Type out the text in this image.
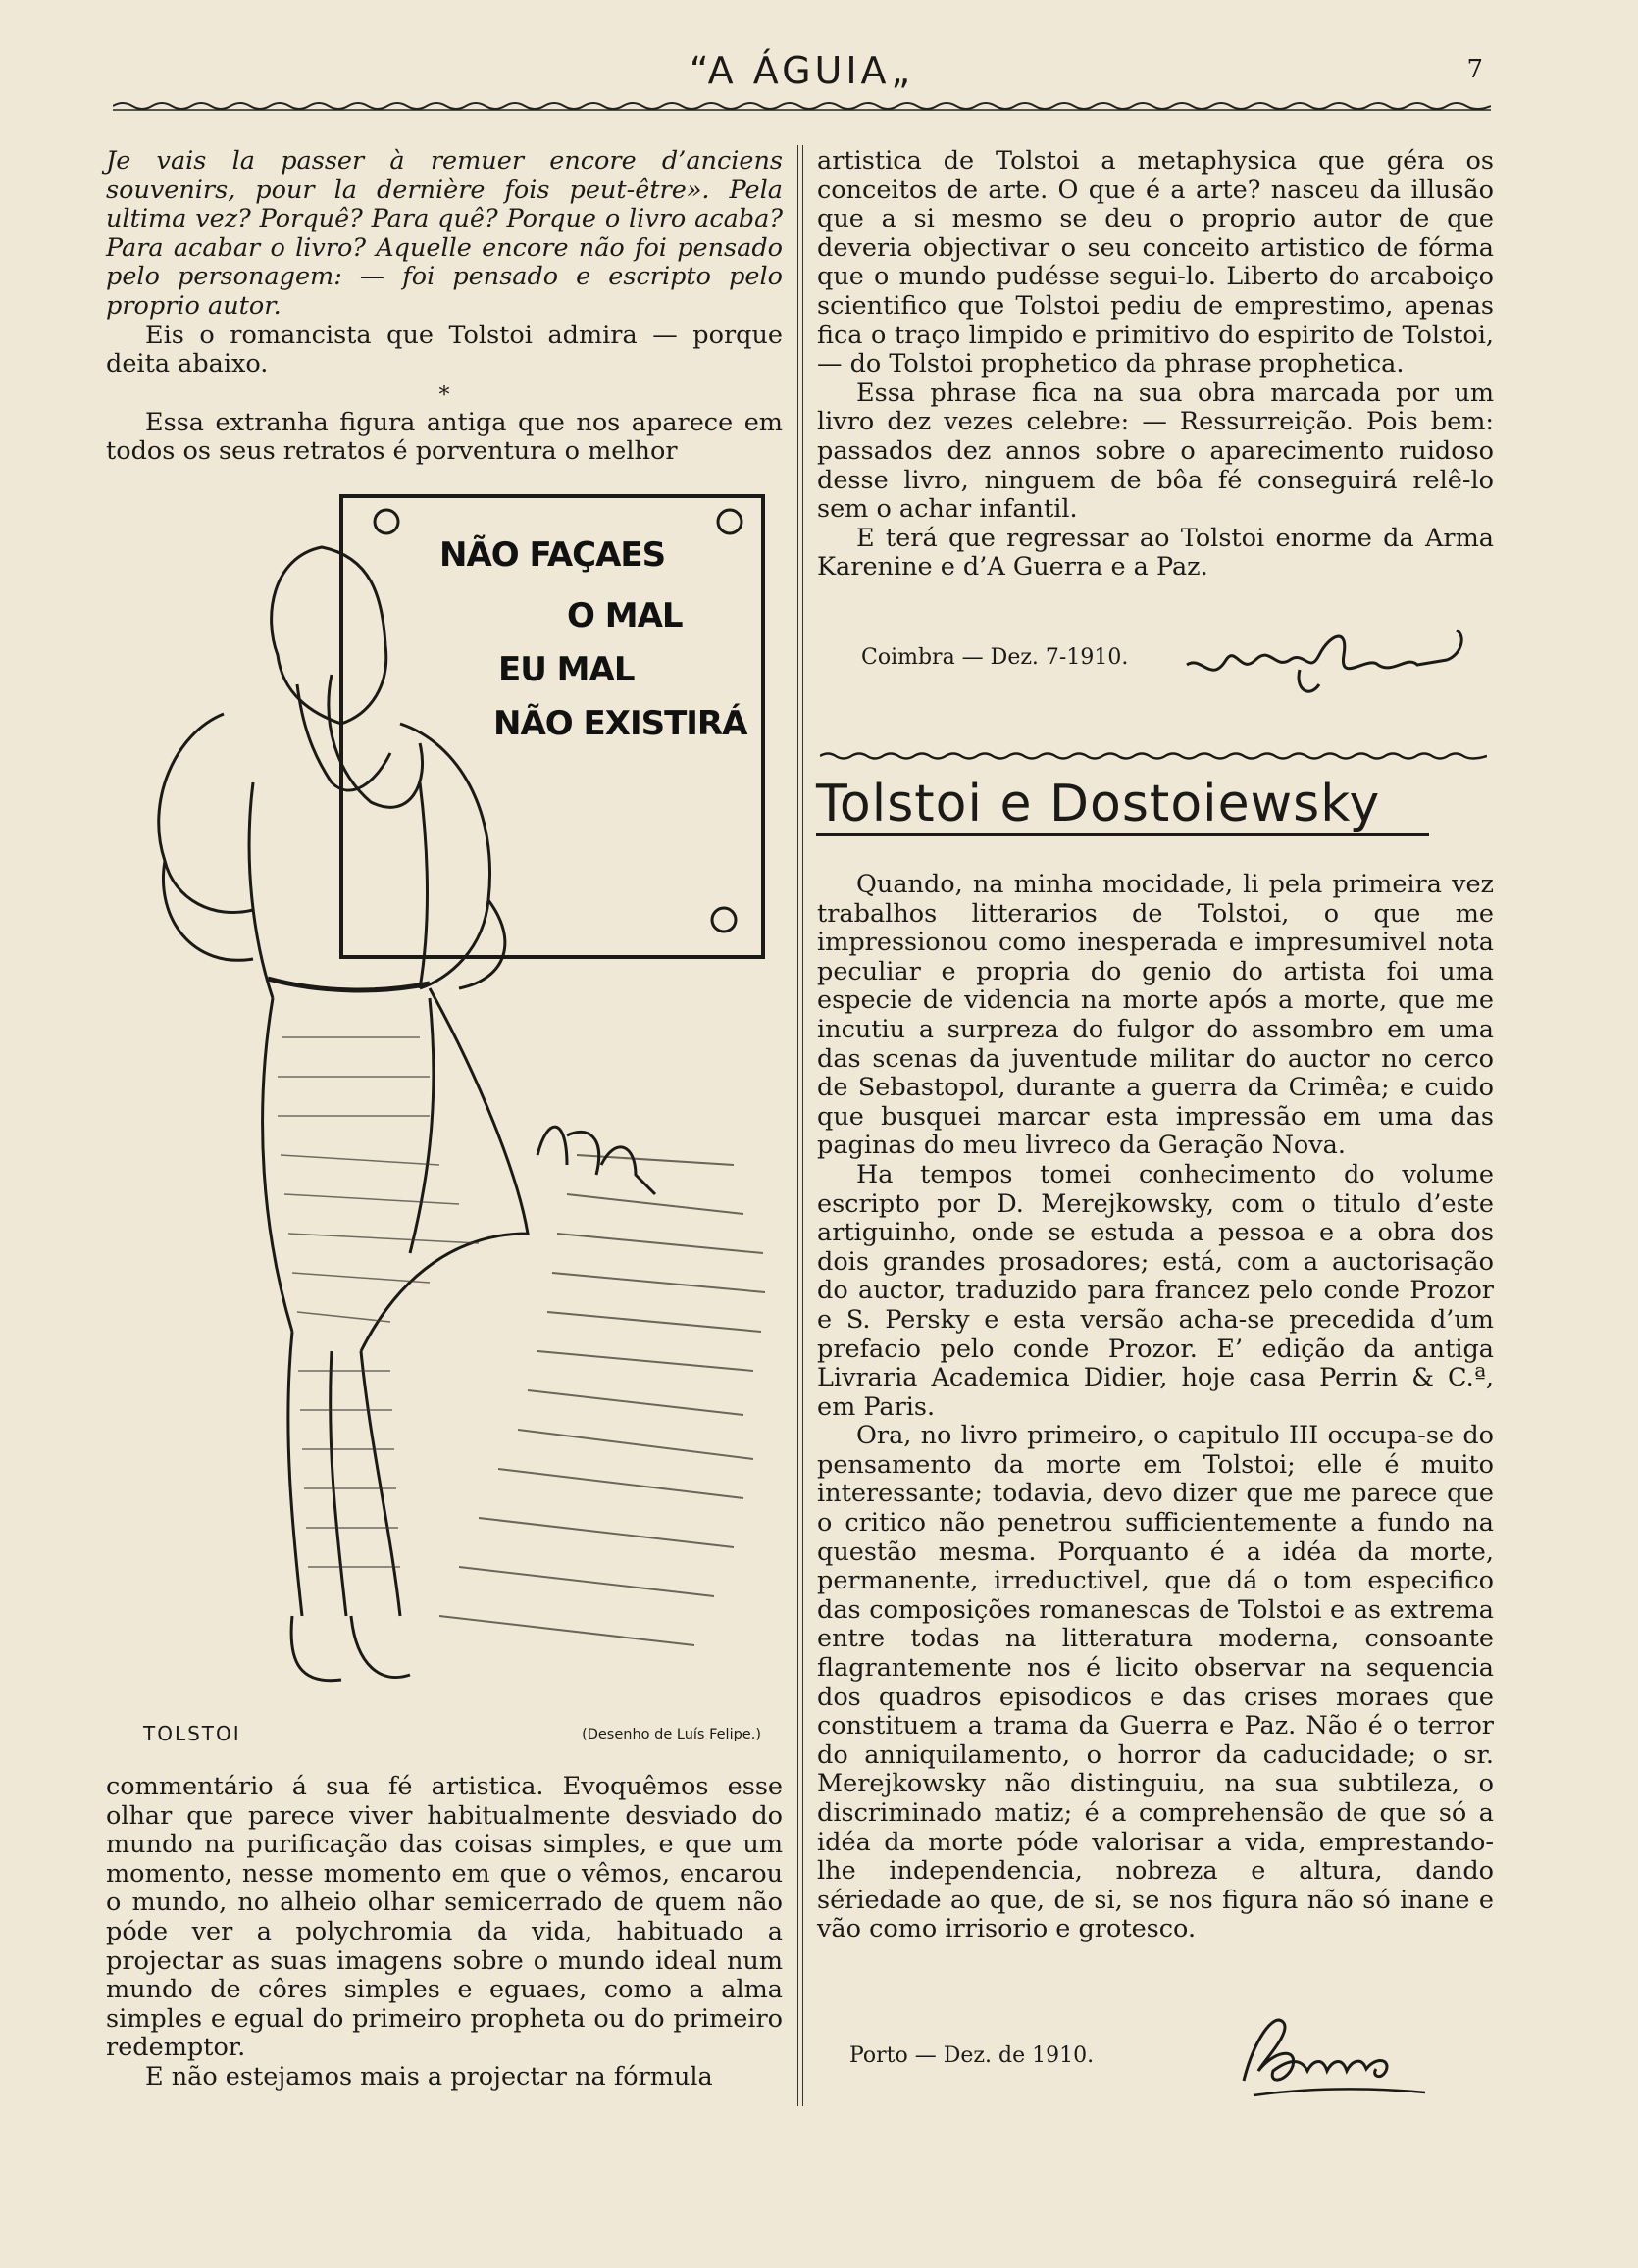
“A ÁGUIA„	7

Je vais la passer à remuer encore d’anciens souvenirs, pour la dernière fois peut-être». Pela ultima vez? Porquê? Para quê? Porque o livro acaba? Para acabar o livro? Aquelle encore não foi pensado pelo personagem: — foi pensado e escripto pelo proprio autor.

Eis o romancista que Tolstoi admira — porque deita abaixo.

*

Essa extranha figura antiga que nos aparece em todos os seus retratos é porventura o melhor

NÃO FAÇAES
O MAL
EU MAL
NÃO EXISTIRÁ
TOLSTOI	(Desenho de Luís Felipe.)

commentário á sua fé artistica. Evoquêmos esse olhar que parece viver habitualmente desviado do mundo na purificação das coisas simples, e que um momento, nesse momento em que o vêmos, encarou o mundo, no alheio olhar semicerrado de quem não póde ver a polychromia da vida, habituado a projectar as suas imagens sobre o mundo ideal num mundo de côres simples e eguaes, como a alma simples e egual do primeiro propheta ou do primeiro redemptor.

E não estejamos mais a projectar na fórmula

artistica de Tolstoi a metaphysica que géra os conceitos de arte. O que é a arte? nasceu da illusão que a si mesmo se deu o proprio autor de que deveria objectivar o seu conceito artistico de fórma que o mundo pudésse segui-lo. Liberto do arcaboiço scientifico que Tolstoi pediu de emprestimo, apenas fica o traço limpido e primitivo do espirito de Tolstoi, — do Tolstoi prophetico da phrase prophetica.

Essa phrase fica na sua obra marcada por um livro dez vezes celebre: — Ressurreição. Pois bem: passados dez annos sobre o aparecimento ruidoso desse livro, ninguem de bôa fé conseguirá relê-lo sem o achar infantil.

E terá que regressar ao Tolstoi enorme da Arma Karenine e d’A Guerra e a Paz.

Coimbra — Dez. 7-1910.
Tolstoi e Dostoiewsky

Quando, na minha mocidade, li pela primeira vez trabalhos litterarios de Tolstoi, o que me impressionou como inesperada e impresumivel nota peculiar e propria do genio do artista foi uma especie de videncia na morte após a morte, que me incutiu a surpreza do fulgor do assombro em uma das scenas da juventude militar do auctor no cerco de Sebastopol, durante a guerra da Crimêa; e cuido que busquei marcar esta impressão em uma das paginas do meu livreco da Geração Nova.

Ha tempos tomei conhecimento do volume escripto por D. Merejkowsky, com o titulo d’este artiguinho, onde se estuda a pessoa e a obra dos dois grandes prosadores; está, com a auctorisação do auctor, traduzido para francez pelo conde Prozor e S. Persky e esta versão acha-se precedida d’um prefacio pelo conde Prozor. E’ edição da antiga Livraria Academica Didier, hoje casa Perrin & C.ª, em Paris.

Ora, no livro primeiro, o capitulo III occupa-se do pensamento da morte em Tolstoi; elle é muito interessante; todavia, devo dizer que me parece que o critico não penetrou sufficientemente a fundo na questão mesma. Porquanto é a idéa da morte, permanente, irreductivel, que dá o tom especifico das composições romanescas de Tolstoi e as extrema entre todas na litteratura moderna, consoante flagrantemente nos é licito observar na sequencia dos quadros episodicos e das crises moraes que constituem a trama da Guerra e Paz. Não é o terror do anniquilamento, o horror da caducidade; o sr. Merejkowsky não distinguiu, na sua subtileza, o discriminado matiz; é a comprehensão de que só a idéa da morte póde valorisar a vida, emprestando-lhe independencia, nobreza e altura, dando sériedade ao que, de si, se nos figura não só inane e vão como irrisorio e grotesco.

Porto — Dez. de 1910.
